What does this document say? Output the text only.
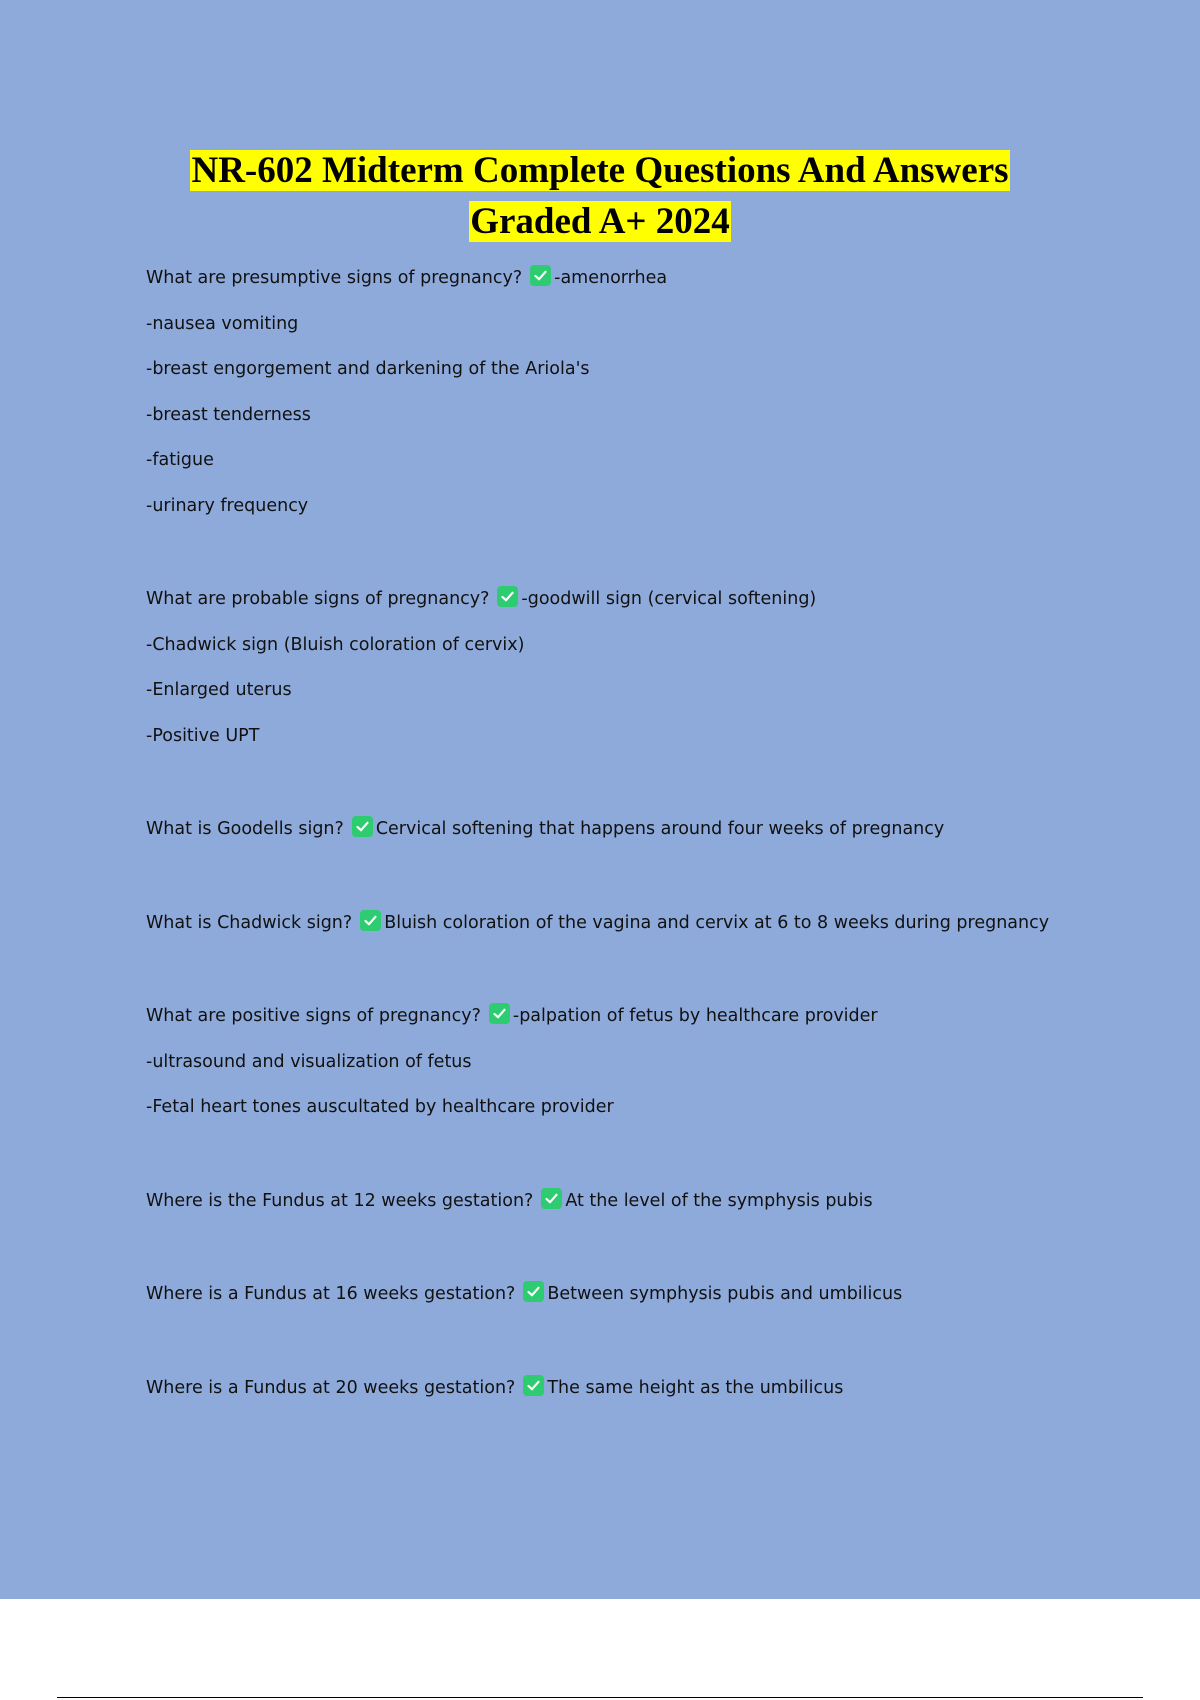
NR-602 Midterm Complete Questions And Answers
Graded A+ 2024
What are presumptive signs of pregnancy? -amenorrhea
-nausea vomiting
-breast engorgement and darkening of the Ariola's
-breast tenderness
-fatigue
-urinary frequency
What are probable signs of pregnancy? -goodwill sign (cervical softening)
-Chadwick sign (Bluish coloration of cervix)
-Enlarged uterus
-Positive UPT
What is Goodells sign? Cervical softening that happens around four weeks of pregnancy
What is Chadwick sign? Bluish coloration of the vagina and cervix at 6 to 8 weeks during pregnancy
What are positive signs of pregnancy? -palpation of fetus by healthcare provider
-ultrasound and visualization of fetus
-Fetal heart tones auscultated by healthcare provider
Where is the Fundus at 12 weeks gestation? At the level of the symphysis pubis
Where is a Fundus at 16 weeks gestation? Between symphysis pubis and umbilicus
Where is a Fundus at 20 weeks gestation? The same height as the umbilicus
